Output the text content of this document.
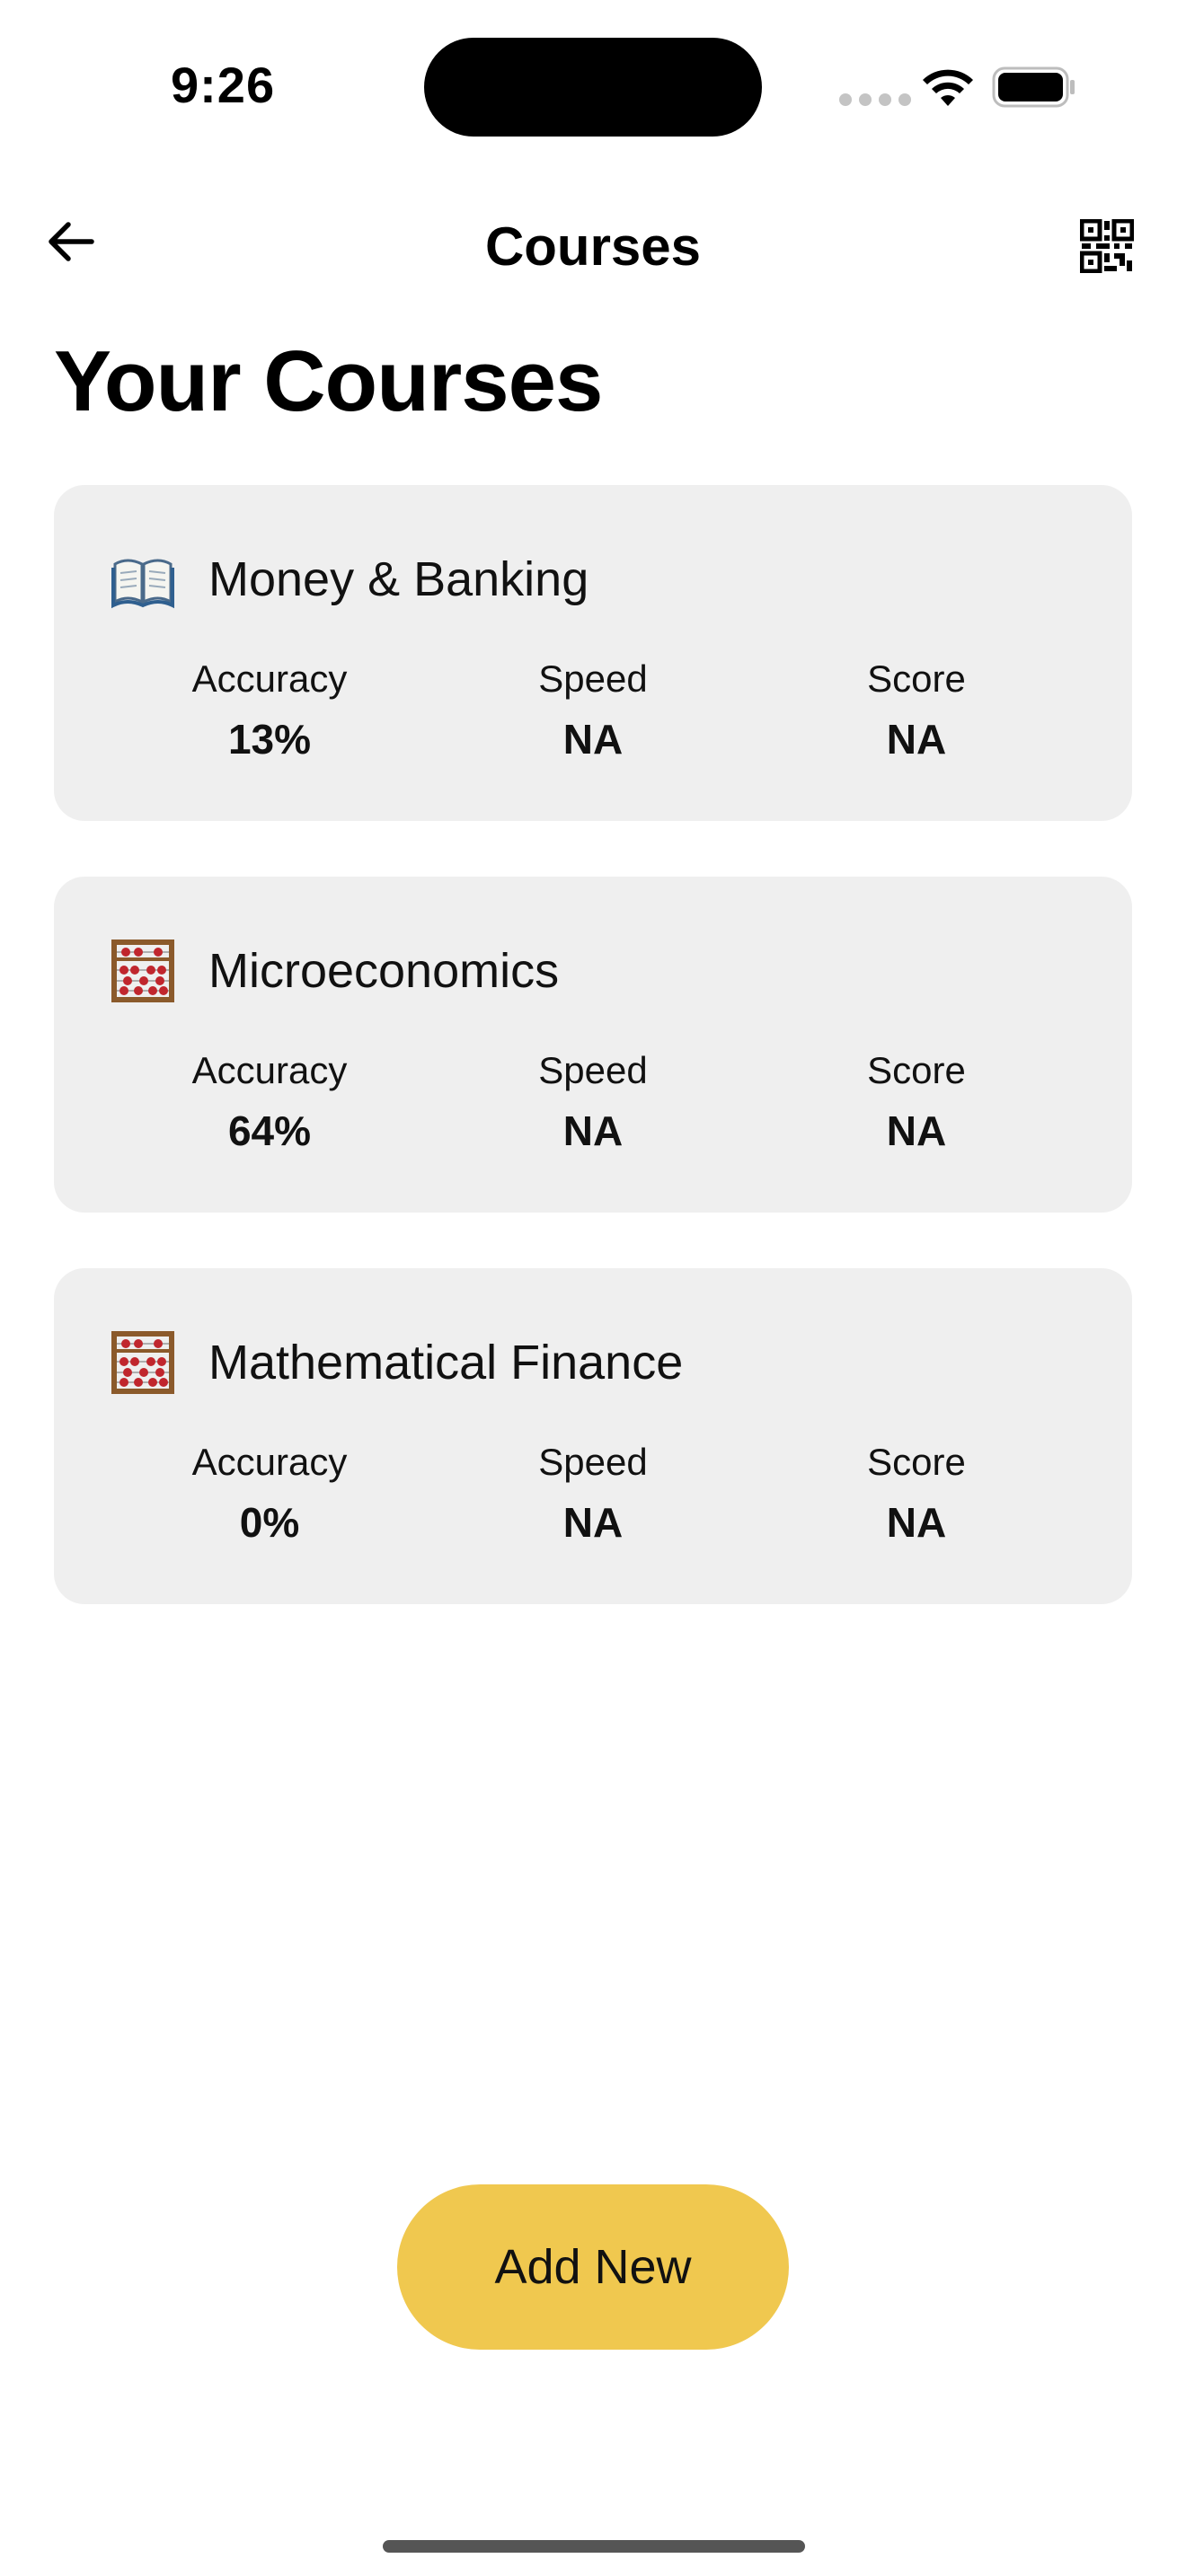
9:26
Courses
Your Courses
Money & Banking
Accuracy
13%
Speed
NA
Score
NA
Microeconomics
Accuracy
64%
Speed
NA
Score
NA
Mathematical Finance
Accuracy
0%
Speed
NA
Score
NA
Add New
